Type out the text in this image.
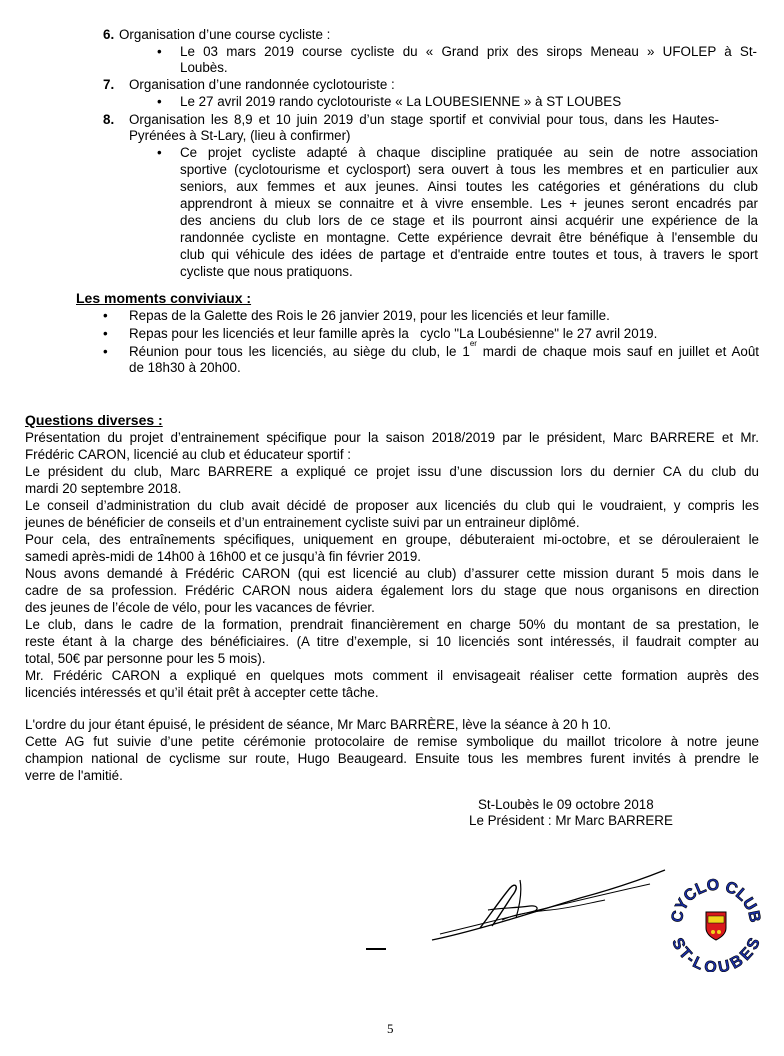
6. Organisation d’une course cycliste :
• Le 03 mars 2019 course cycliste du « Grand prix des sirops Meneau » UFOLEP à St-
Loubès.
7. Organisation d’une randonnée cyclotouriste :
• Le 27 avril 2019 rando cyclotouriste « La LOUBESIENNE » à ST LOUBES
8. Organisation les 8,9 et 10 juin 2019 d’un stage sportif et convivial pour tous, dans les Hautes-
Pyrénées à St-Lary, (lieu à confirmer)
• Ce projet cycliste adapté à chaque discipline pratiquée au sein de notre association
sportive (cyclotourisme et cyclosport) sera ouvert à tous les membres et en particulier aux
seniors, aux femmes et aux jeunes. Ainsi toutes les catégories et générations du club
apprendront à mieux se connaitre et à vivre ensemble. Les + jeunes seront encadrés par
des anciens du club lors de ce stage et ils pourront ainsi acquérir une expérience de la
randonnée cycliste en montagne. Cette expérience devrait être bénéfique à l'ensemble du
club qui véhicule des idées de partage et d'entraide entre toutes et tous, à travers le sport
cycliste que nous pratiquons.
Les moments conviviaux :
• Repas de la Galette des Rois le 26 janvier 2019, pour les licenciés et leur famille.
• Repas pour les licenciés et leur famille après la   cyclo "La Loubésienne" le 27 avril 2019.
• Réunion pour tous les licenciés, au siège du club, le 1er mardi de chaque mois sauf en juillet et Août
de 18h30 à 20h00.
Questions diverses :
Présentation du projet d’entrainement spécifique pour la saison 2018/2019 par le président, Marc BARRERE et Mr.
Frédéric CARON, licencié au club et éducateur sportif :
Le président du club, Marc BARRERE a expliqué ce projet issu d’une discussion lors du dernier CA du club du
mardi 20 septembre 2018.
Le conseil d’administration du club avait décidé de proposer aux licenciés du club qui le voudraient, y compris les
jeunes de bénéficier de conseils et d’un entrainement cycliste suivi par un entraineur diplômé.
Pour cela, des entraînements spécifiques, uniquement en groupe, débuteraient mi-octobre, et se dérouleraient le
samedi après-midi de 14h00 à 16h00 et ce jusqu’à fin février 2019.
Nous avons demandé à Frédéric CARON (qui est licencié au club) d’assurer cette mission durant 5 mois dans le
cadre de sa profession. Frédéric CARON nous aidera également lors du stage que nous organisons en direction
des jeunes de l’école de vélo, pour les vacances de février.
Le club, dans le cadre de la formation, prendrait financièrement en charge 50% du montant de sa prestation, le
reste étant à la charge des bénéficiaires. (A titre d’exemple, si 10 licenciés sont intéressés, il faudrait compter au
total, 50€ par personne pour les 5 mois).
Mr. Frédéric CARON a expliqué en quelques mots comment il envisageait réaliser cette formation auprès des
licenciés intéressés et qu’il était prêt à accepter cette tâche.
L'ordre du jour étant épuisé, le président de séance, Mr Marc BARRÈRE, lève la séance à 20 h 10.
Cette AG fut suivie d’une petite cérémonie protocolaire de remise symbolique du maillot tricolore à notre jeune
champion national de cyclisme sur route, Hugo Beaugeard. Ensuite tous les membres furent invités à prendre le
verre de l'amitié.
St-Loubès le 09 octobre 2018
Le Président : Mr Marc BARRERE
CYCLO CLUB
ST-LOUBES
5
